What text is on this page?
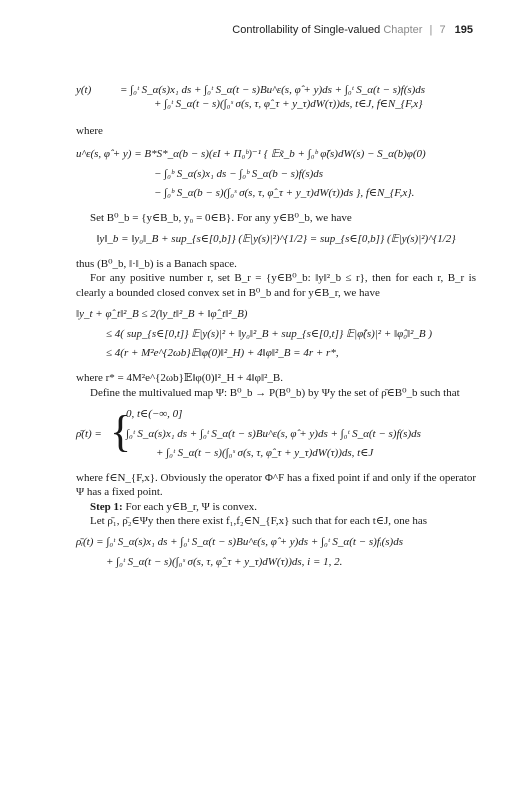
Controllability of Single-valued Chapter | 7 195

y(t)	= ∫₀ᵗ S_α(s)x₁ ds + ∫₀ᵗ S_α(t − s)Bu^ε(s, φ̂ + y)ds + ∫₀ᵗ S_α(t − s)f(s)ds

+ ∫₀ᵗ S_α(t − s)(∫₀ˢ σ(s, τ, φ̂_τ + y_τ)dW(τ))ds, t∈J, f∈N_{F,x}

where

u^ε(s, φ̂ + y) = B*S*_α(b − s)(εI + Π₀ᵇ)⁻¹ { 𝔼x̃_b + ∫₀ᵇ φ̃(s)dW(s) − S_α(b)φ(0)

− ∫₀ᵇ S_α(s)x₁ ds − ∫₀ᵇ S_α(b − s)f(s)ds

− ∫₀ᵇ S_α(b − s)(∫₀ˢ σ(s, τ, φ̂_τ + y_τ)dW(τ))ds }, f∈N_{F,x}.

Set B⁰_b = {y∈B_b, y₀ = 0∈B}. For any y∈B⁰_b, we have

‖y‖_b = ‖y₀‖_B + sup_{s∈[0,b]} (𝔼|y(s)|²)^{1/2} = sup_{s∈[0,b]} (𝔼|y(s)|²)^{1/2}

thus (B⁰_b, ‖·‖_b) is a Banach space.

For any positive number r, set B_r = {y∈B⁰_b: ‖y‖²_b ≤ r}, then for each r, B_r is clearly a bounded closed convex set in B⁰_b and for y∈B_r, we have

‖y_t + φ̂_t‖²_B ≤ 2(‖y_t‖²_B + ‖φ̂_t‖²_B)

≤ 4( sup_{s∈[0,t]} 𝔼|y(s)|² + ‖y₀‖²_B + sup_{s∈[0,t]} 𝔼|φ̂(s)|² + ‖φ̂₀‖²_B )

≤ 4(r + M²e^{2ωb}𝔼‖φ(0)‖²_H) + 4‖φ‖²_B = 4r + r*,

where r* = 4M²e^{2ωb}𝔼‖φ(0)‖²_H + 4‖φ‖²_B.

Define the multivalued map Ψ: B⁰_b → P(B⁰_b) by Ψy the set of ρ̄∈B⁰_b such that

ρ̄(t) = {

0, t∈(−∞, 0]

∫₀ᵗ S_α(s)x₁ ds + ∫₀ᵗ S_α(t − s)Bu^ε(s, φ̂ + y)ds + ∫₀ᵗ S_α(t − s)f(s)ds

+ ∫₀ᵗ S_α(t − s)(∫₀ˢ σ(s, τ, φ̂_τ + y_τ)dW(τ))ds, t∈J

where f∈N_{F,x}. Obviously the operator Φ^F has a fixed point if and only if the operator Ψ has a fixed point.

Step 1: For each y∈B_r, Ψ is convex.

Let ρ̄₁, ρ̄₂∈Ψy then there exist f₁,f₂∈N_{F,x} such that for each t∈J, one has

ρ̄ᵢ(t) = ∫₀ᵗ S_α(s)x₁ ds + ∫₀ᵗ S_α(t − s)Bu^ε(s, φ̂ + y)ds + ∫₀ᵗ S_α(t − s)fᵢ(s)ds

+ ∫₀ᵗ S_α(t − s)(∫₀ˢ σ(s, τ, φ̂_τ + y_τ)dW(τ))ds, i = 1, 2.
